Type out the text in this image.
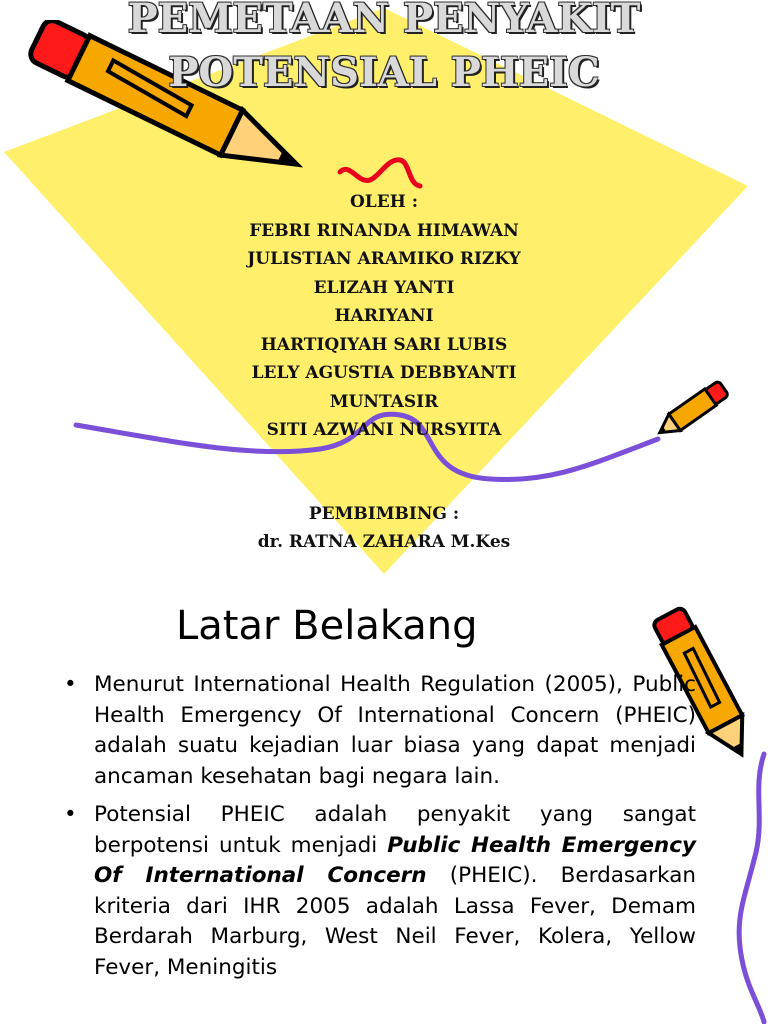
PEMETAAN PENYAKIT
POTENSIAL PHEIC
OLEH :
FEBRI RINANDA HIMAWAN
JULISTIAN ARAMIKO RIZKY
ELIZAH YANTI
HARIYANI
HARTIQIYAH SARI LUBIS
LELY AGUSTIA DEBBYANTI
MUNTASIR
SITI AZWANI NURSYITA
PEMBIMBING :
dr. RATNA ZAHARA M.Kes
Latar Belakang
• Menurut International Health Regulation (2005), Public Health Emergency Of International Concern (PHEIC) adalah suatu kejadian luar biasa yang dapat menjadi ancaman kesehatan bagi negara lain.
• Potensial PHEIC adalah penyakit yang sangat berpotensi untuk menjadi Public Health Emergency Of International Concern (PHEIC). Berdasarkan kriteria dari IHR 2005 adalah Lassa Fever, Demam Berdarah Marburg, West Neil Fever, Kolera, Yellow Fever, Meningitis
